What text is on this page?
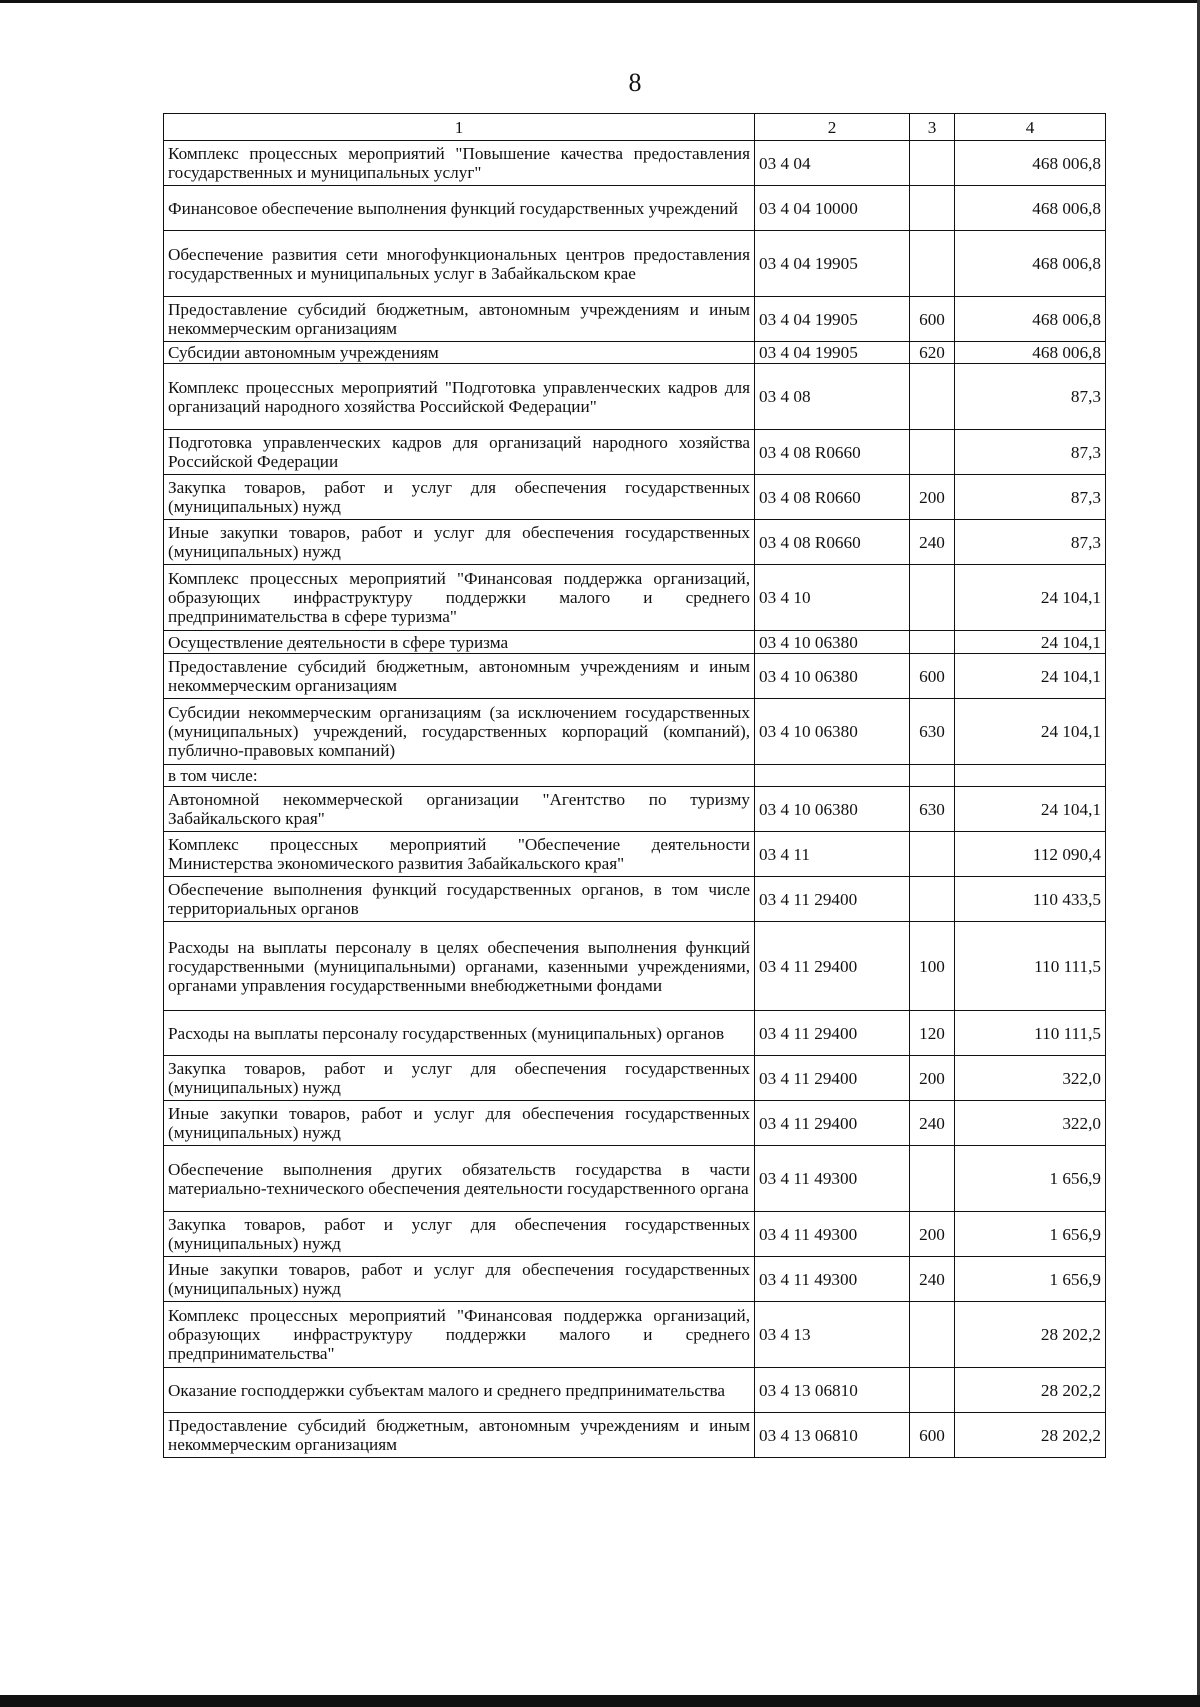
8
1	2	3	4
Комплекс процессных мероприятий "Повышение качества предоставления государственных и муниципальных услуг"	03 4 04		468 006,8
Финансовое обеспечение выполнения функций государственных учреждений	03 4 04 10000		468 006,8
Обеспечение развития сети многофункциональных центров предоставления государственных и муниципальных услуг в Забайкальском крае	03 4 04 19905		468 006,8
Предоставление субсидий бюджетным, автономным учреждениям и иным некоммерческим организациям	03 4 04 19905	600	468 006,8
Субсидии автономным учреждениям	03 4 04 19905	620	468 006,8
Комплекс процессных мероприятий "Подготовка управленческих кадров для организаций народного хозяйства Российской Федерации"	03 4 08		87,3
Подготовка управленческих кадров для организаций народного хозяйства Российской Федерации	03 4 08 R0660		87,3
Закупка товаров, работ и услуг для обеспечения государственных (муниципальных) нужд	03 4 08 R0660	200	87,3
Иные закупки товаров, работ и услуг для обеспечения государственных (муниципальных) нужд	03 4 08 R0660	240	87,3
Комплекс процессных мероприятий "Финансовая поддержка организаций, образующих инфраструктуру поддержки малого и среднего предпринимательства в сфере туризма"	03 4 10		24 104,1
Осуществление деятельности в сфере туризма	03 4 10 06380		24 104,1
Предоставление субсидий бюджетным, автономным учреждениям и иным некоммерческим организациям	03 4 10 06380	600	24 104,1
Субсидии некоммерческим организациям (за исключением государственных (муниципальных) учреждений, государственных корпораций (компаний), публично-правовых компаний)	03 4 10 06380	630	24 104,1
в том числе:			
Автономной некоммерческой организации "Агентство по туризму Забайкальского края"	03 4 10 06380	630	24 104,1
Комплекс процессных мероприятий "Обеспечение деятельности Министерства экономического развития Забайкальского края"	03 4 11		112 090,4
Обеспечение выполнения функций государственных органов, в том числе территориальных органов	03 4 11 29400		110 433,5
Расходы на выплаты персоналу в целях обеспечения выполнения функций государственными (муниципальными) органами, казенными учреждениями, органами управления государственными внебюджетными фондами	03 4 11 29400	100	110 111,5
Расходы на выплаты персоналу государственных (муниципальных) органов	03 4 11 29400	120	110 111,5
Закупка товаров, работ и услуг для обеспечения государственных (муниципальных) нужд	03 4 11 29400	200	322,0
Иные закупки товаров, работ и услуг для обеспечения государственных (муниципальных) нужд	03 4 11 29400	240	322,0
Обеспечение выполнения других обязательств государства в части материально-технического обеспечения деятельности государственного органа	03 4 11 49300		1 656,9
Закупка товаров, работ и услуг для обеспечения государственных (муниципальных) нужд	03 4 11 49300	200	1 656,9
Иные закупки товаров, работ и услуг для обеспечения государственных (муниципальных) нужд	03 4 11 49300	240	1 656,9
Комплекс процессных мероприятий "Финансовая поддержка организаций, образующих инфраструктуру поддержки малого и среднего предпринимательства"	03 4 13		28 202,2
Оказание господдержки субъектам малого и среднего предпринимательства	03 4 13 06810		28 202,2
Предоставление субсидий бюджетным, автономным учреждениям и иным некоммерческим организациям	03 4 13 06810	600	28 202,2
